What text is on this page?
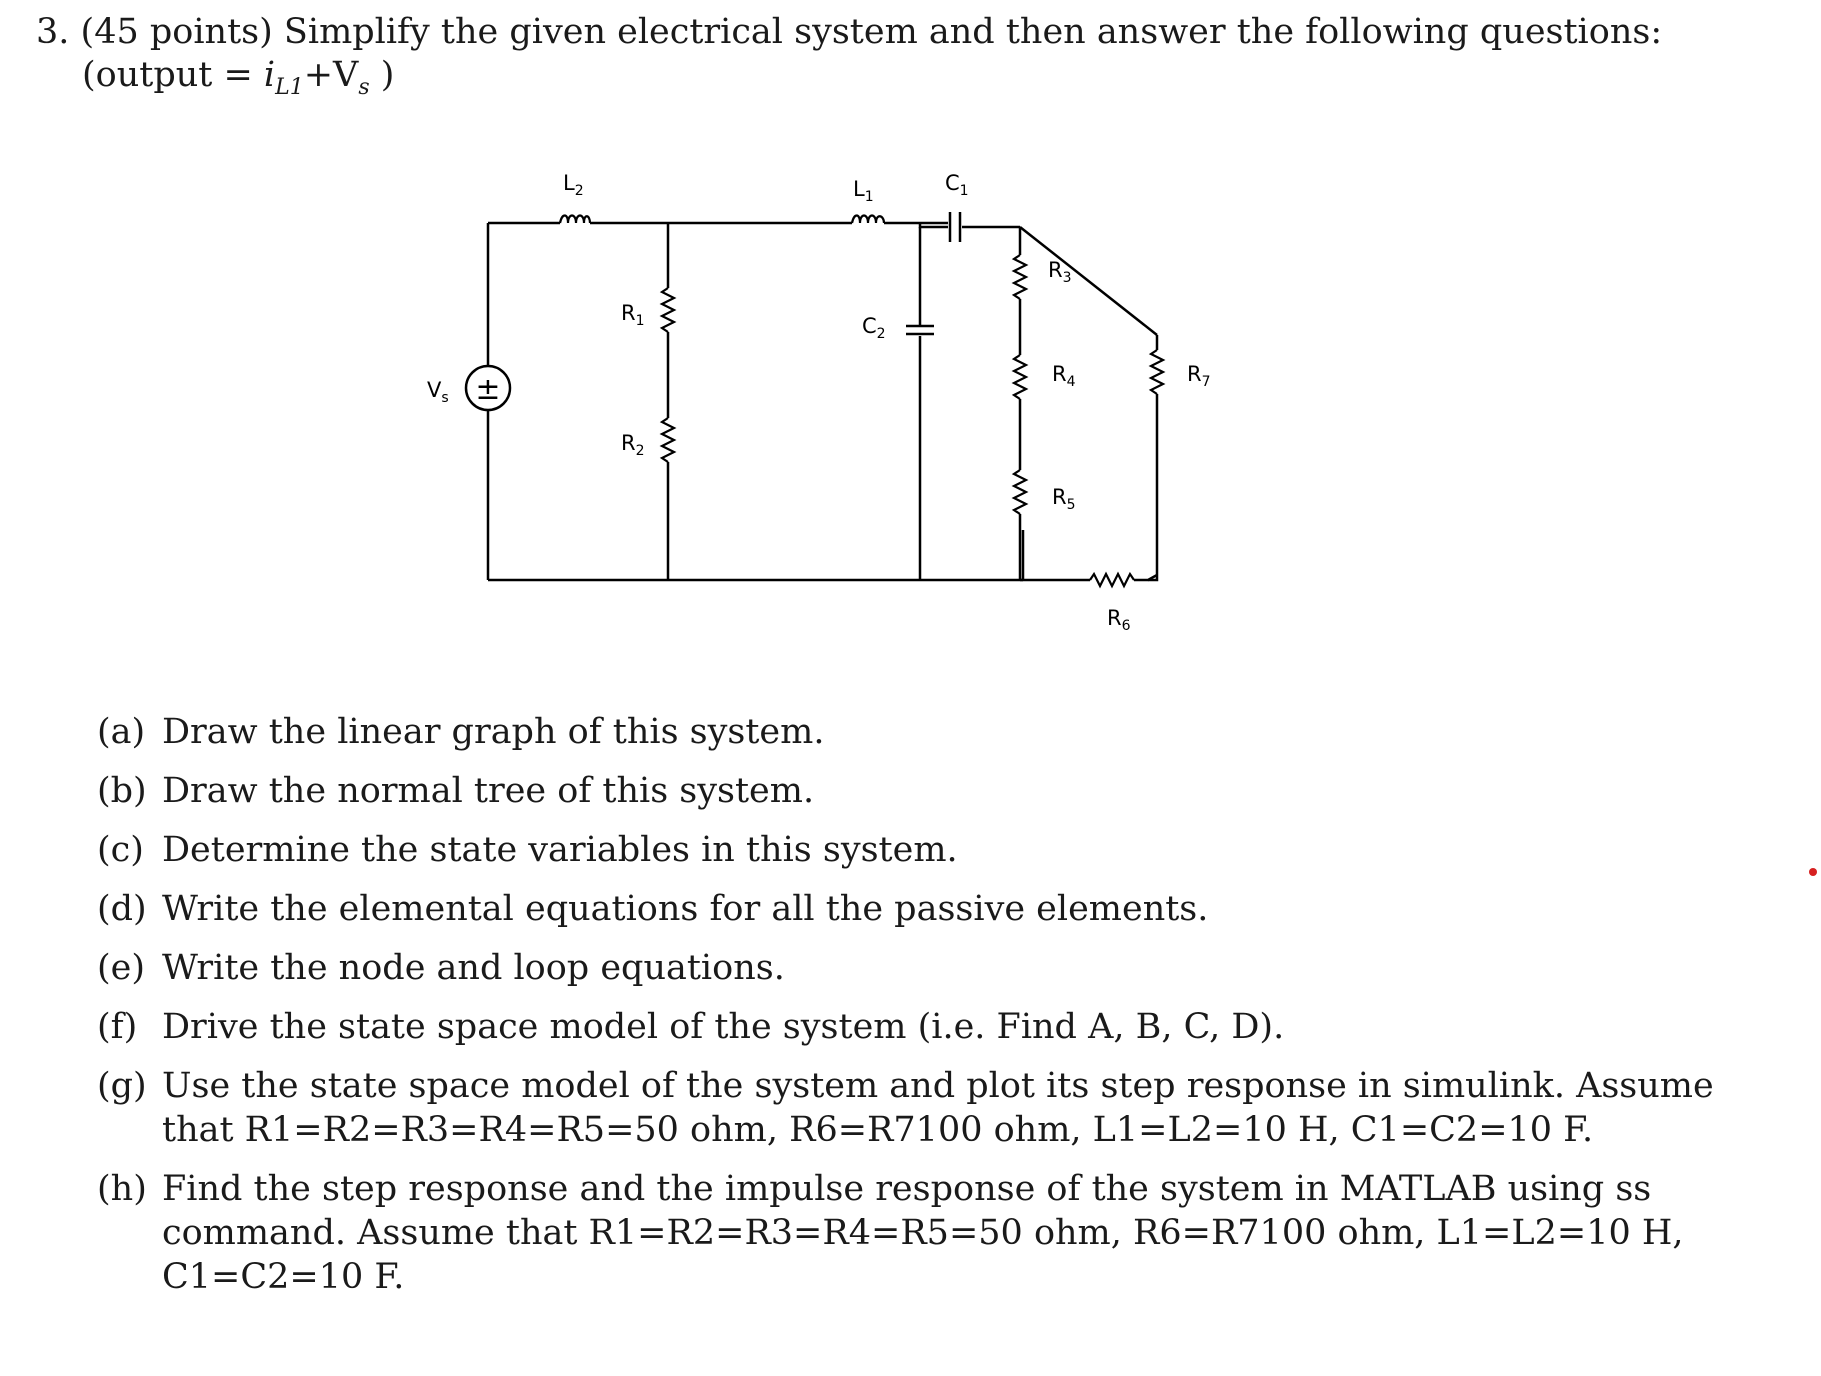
3. (45 points) Simplify the given electrical system and then answer the following questions:
(output = $i_{L1}+V_s$ )
±
$L_2$	$L_1$
$C_1$
$C_2$
$R_1$
$R_2$
$R_3$
$R_4$
$R_5$
$R_6$
$R_7$
$V_s$
(a) Draw the linear graph of this system.
(b) Draw the normal tree of this system.
(c) Determine the state variables in this system.
(d) Write the elemental equations for all the passive elements.
(e) Write the node and loop equations.
(f) Drive the state space model of the system (i.e. Find A, B, C, D).
(g) Use the state space model of the system and plot its step response in simulink. Assume
that R1=R2=R3=R4=R5=50 ohm, R6=R7100 ohm, L1=L2=10 H, C1=C2=10 F.
(h) Find the step response and the impulse response of the system in MATLAB using ss
command. Assume that R1=R2=R3=R4=R5=50 ohm, R6=R7100 ohm, L1=L2=10 H,
C1=C2=10 F.
